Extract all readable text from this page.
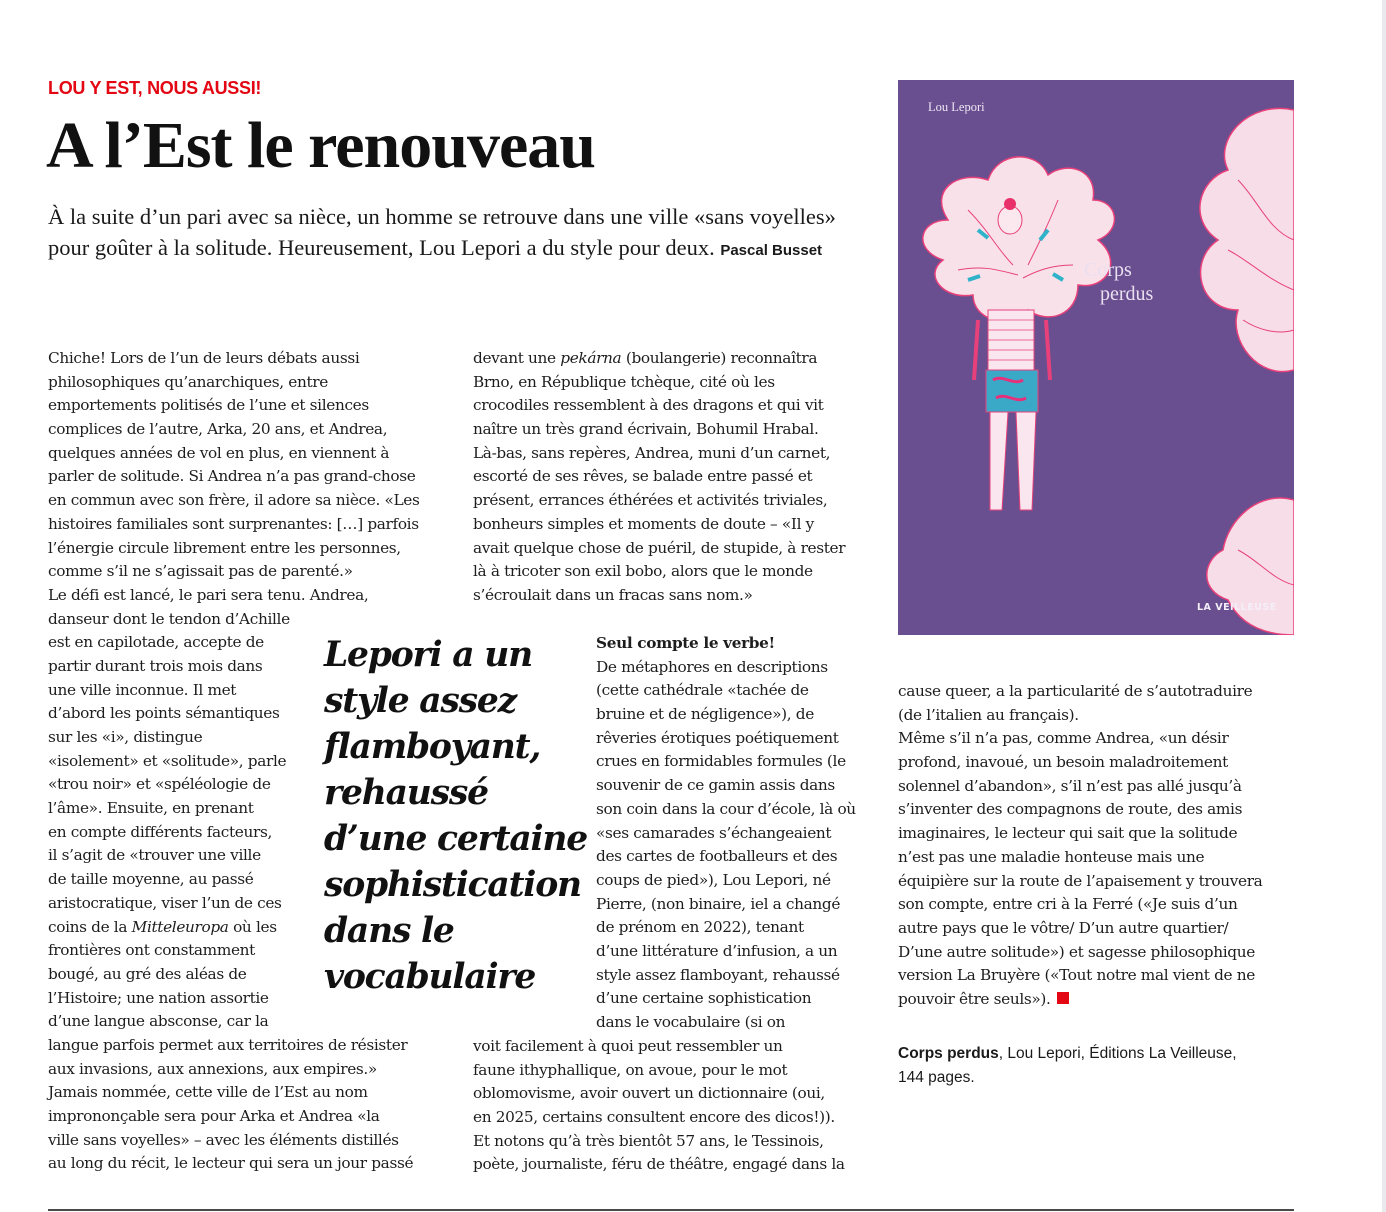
LOU Y EST, NOUS AUSSI!
A l’Est le renouveau
À la suite d’un pari avec sa nièce, un homme se retrouve dans une ville «sans voyelles» pour goûter à la solitude. Heureusement, Lou Lepori a du style pour deux. Pascal Busset
Chiche! Lors de l’un de leurs débats aussi
philosophiques qu’anarchiques, entre
emportements politisés de l’une et silences
complices de l’autre, Arka, 20 ans, et Andrea,
quelques années de vol en plus, en viennent à
parler de solitude. Si Andrea n’a pas grand-chose
en commun avec son frère, il adore sa nièce. «Les
histoires familiales sont surprenantes: […] parfois
l’énergie circule librement entre les personnes,
comme s’il ne s’agissait pas de parenté.»
Le défi est lancé, le pari sera tenu. Andrea,
danseur dont le tendon d’Achille
est en capilotade, accepte de
partir durant trois mois dans
une ville inconnue. Il met
d’abord les points sémantiques
sur les «i», distingue
«isolement» et «solitude», parle
«trou noir» et «spéléologie de
l’âme». Ensuite, en prenant
en compte différents facteurs,
il s’agit de «trouver une ville
de taille moyenne, au passé
aristocratique, viser l’un de ces
coins de la Mitteleuropa où les
frontières ont constamment
bougé, au gré des aléas de
l’Histoire; une nation assortie
d’une langue absconse, car la
langue parfois permet aux territoires de résister
aux invasions, aux annexions, aux empires.»
Jamais nommée, cette ville de l’Est au nom
imprononçable sera pour Arka et Andrea «la
ville sans voyelles» – avec les éléments distillés
au long du récit, le lecteur qui sera un jour passé
devant une pekárna (boulangerie) reconnaîtra
Brno, en République tchèque, cité où les
crocodiles ressemblent à des dragons et qui vit
naître un très grand écrivain, Bohumil Hrabal.
Là-bas, sans repères, Andrea, muni d’un carnet,
escorté de ses rêves, se balade entre passé et
présent, errances éthérées et activités triviales,
bonheurs simples et moments de doute – «Il y
avait quelque chose de puéril, de stupide, à rester
là à tricoter son exil bobo, alors que le monde
s’écroulait dans un fracas sans nom.»
Lepori a un
style assez
flamboyant,
rehaussé
d’une certaine
sophistication
dans le
vocabulaire
Seul compte le verbe!
De métaphores en descriptions
(cette cathédrale «tachée de
bruine et de négligence»), de
rêveries érotiques poétiquement
crues en formidables formules (le
souvenir de ce gamin assis dans
son coin dans la cour d’école, là où
«ses camarades s’échangeaient
des cartes de footballeurs et des
coups de pied»), Lou Lepori, né
Pierre, (non binaire, iel a changé
de prénom en 2022), tenant
d’une littérature d’infusion, a un
style assez flamboyant, rehaussé
d’une certaine sophistication
dans le vocabulaire (si on
voit facilement à quoi peut ressembler un
faune ithyphallique, on avoue, pour le mot
oblomovisme, avoir ouvert un dictionnaire (oui,
en 2025, certains consultent encore des dicos!)).
Et notons qu’à très bientôt 57 ans, le Tessinois,
poète, journaliste, féru de théâtre, engagé dans la
Lou Lepori
Corps
perdus
LA VEILLEUSE
cause queer, a la particularité de s’autotraduire
(de l’italien au français).
Même s’il n’a pas, comme Andrea, «un désir
profond, inavoué, un besoin maladroitement
solennel d’abandon», s’il n’est pas allé jusqu’à
s’inventer des compagnons de route, des amis
imaginaires, le lecteur qui sait que la solitude
n’est pas une maladie honteuse mais une
équipière sur la route de l’apaisement y trouvera
son compte, entre cri à la Ferré («Je suis d’un
autre pays que le vôtre/ D’un autre quartier/
D’une autre solitude») et sagesse philosophique
version La Bruyère («Tout notre mal vient de ne
pouvoir être seuls»).
Corps perdus, Lou Lepori, Éditions La Veilleuse,
144 pages.
